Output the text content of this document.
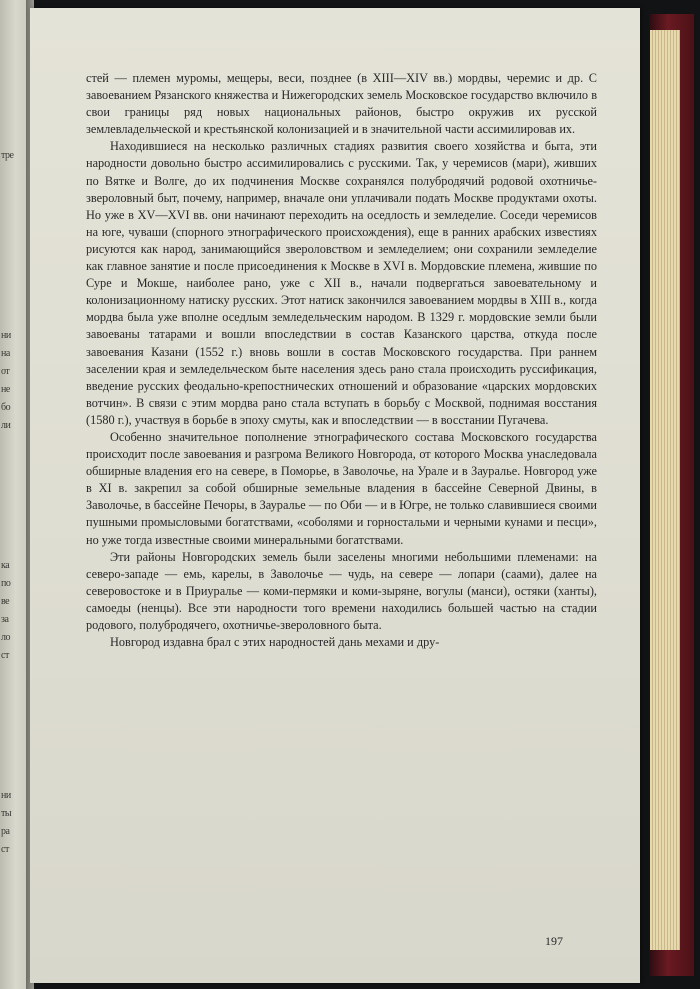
тре
ни
на
от
не
бо
ли
ка
по
ве
за
ло
ст
ни
ты
ра
ст

стей — племен муромы, мещеры, веси, позднее (в XIII—XIV вв.) мордвы, черемис и др. С завоеванием Рязанского княжества и Нижегородских земель Московское государство включило в свои границы ряд новых национальных районов, быстро окружив их русской землевладельческой и крестьянской колонизацией и в значительной части ассимилировав их.

Находившиеся на несколько различных стадиях развития своего хозяйства и быта, эти народности довольно быстро ассимилировались с русскими. Так, у черемисов (мари), живших по Вятке и Волге, до их подчинения Москве сохранялся полубродячий родовой охотничье-звероловный быт, почему, например, вначале они уплачивали подать Москве продуктами охоты. Но уже в XV—XVI вв. они начинают переходить на оседлость и земледелие. Соседи черемисов на юге, чуваши (спорного этнографического происхождения), еще в ранних арабских известиях рисуются как народ, занимающийся звероловством и земледелием; они сохранили земледелие как главное занятие и после присоединения к Москве в XVI в. Мордовские племена, жившие по Суре и Мокше, наиболее рано, уже с XII в., начали подвергаться завоевательному и колонизационному натиску русских. Этот натиск закончился завоеванием мордвы в XIII в., когда мордва была уже вполне оседлым земледельческим народом. В 1329 г. мордовские земли были завоеваны татарами и вошли впоследствии в состав Казанского царства, откуда после завоевания Казани (1552 г.) вновь вошли в состав Московского государства. При раннем заселении края и земледельческом быте населения здесь рано стала происходить руссификация, введение русских феодально-крепостнических отношений и образование «царских мордовских вотчин». В связи с этим мордва рано стала вступать в борьбу с Москвой, поднимая восстания (1580 г.), участвуя в борьбе в эпоху смуты, как и впоследствии — в восстании Пугачева.

Особенно значительное пополнение этнографического состава Московского государства происходит после завоевания и разгрома Великого Новгорода, от которого Москва унаследовала обширные владения его на севере, в Поморье, в Заволочье, на Урале и в Зауралье. Новгород уже в XI в. закрепил за собой обширные земельные владения в бассейне Северной Двины, в Заволочье, в бассейне Печоры, в Зауралье — по Оби — и в Югре, не только славившиеся своими пушными промысловыми богатствами, «соболями и горностальми и черными кунами и песци», но уже тогда известные своими минеральными богатствами.

Эти районы Новгородских земель были заселены многими небольшими племенами: на северо-западе — емь, карелы, в Заволочье — чудь, на севере — лопари (саами), далее на северовостоке и в Приуралье — коми-пермяки и коми-зыряне, вогулы (манси), остяки (ханты), самоеды (ненцы). Все эти народности того времени находились большей частью на стадии родового, полубродячего, охотничье-звероловного быта.

Новгород издавна брал с этих народностей дань мехами и дру-

197
